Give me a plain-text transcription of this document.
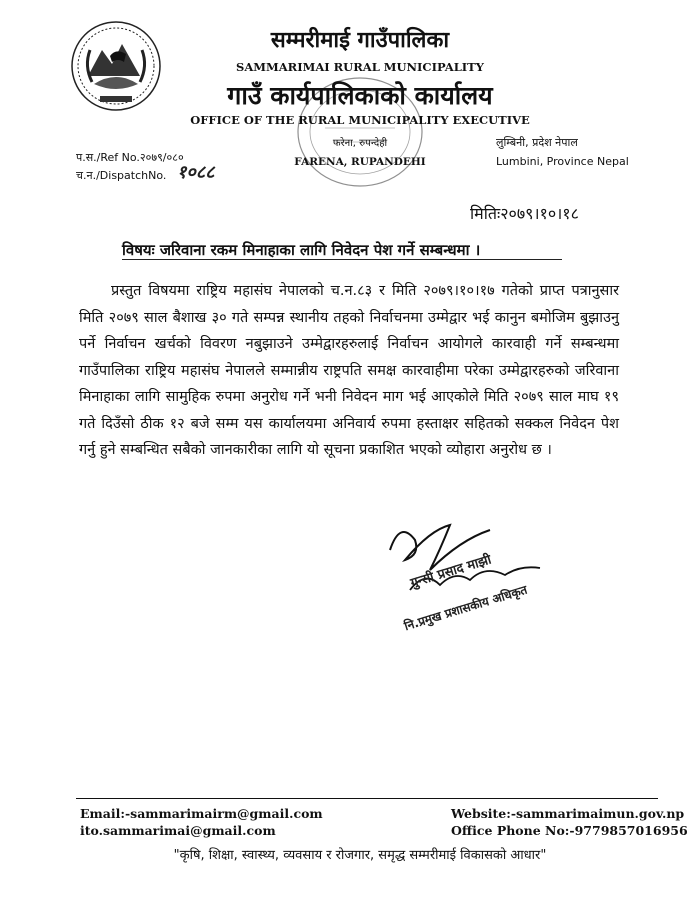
सम्मरीमाई गाउँपालिका
SAMMARIMAI RURAL MUNICIPALITY
गाउँ कार्यपालिकाको कार्यालय
OFFICE OF THE RURAL MUNICIPALITY EXECUTIVE
फरेना, रुपन्देही
FARENA, RUPANDEHI
लुम्बिनी, प्रदेश नेपाल
Lumbini, Province Nepal
प.स./Ref No.२०७९/०८०
च.न./DispatchNo. १०८८
मितिः२०७९।१०।१८
विषयः जरिवाना रकम मिनाहाका लागि निवेदन पेश गर्ने सम्बन्धमा ।
प्रस्तुत विषयमा राष्ट्रिय महासंघ नेपालको च.न.८३ र मिति २०७९।१०।१७ गतेको प्राप्त पत्रानुसार मिति २०७९ साल बैशाख ३० गते सम्पन्न स्थानीय तहको निर्वाचनमा उम्मेद्वार भई कानुन बमोजिम बुझाउनु पर्ने निर्वाचन खर्चको विवरण नबुझाउने उम्मेद्वारहरुलाई निर्वाचन आयोगले कारवाही गर्ने सम्बन्धमा गाउँपालिका राष्ट्रिय महासंघ नेपालले सम्मान्नीय राष्ट्रपति समक्ष कारवाहीमा परेका उम्मेद्वारहरुको जरिवाना मिनाहाका लागि सामुहिक रुपमा अनुरोध गर्ने भनी निवेदन माग भई आएकोले मिति २०७९ साल माघ १९ गते दिउँसो ठीक १२ बजे सम्म यस कार्यालयमा अनिवार्य रुपमा हस्ताक्षर सहितको सक्कल निवेदन पेश गर्नु हुने सम्बन्धित सबैको जानकारीका लागि यो सूचना प्रकाशित भएको व्योहारा अनुरोध छ ।
गुन्सी प्रसाद माझी
नि.प्रमुख प्रशासकीय अधिकृत
Email:-sammarimairm@gmail.com
ito.sammarimai@gmail.com
Website:-sammarimaimun.gov.np
Office Phone No:-9779857016956
"कृषि, शिक्षा, स्वास्थ्य, व्यवसाय र रोजगार, समृद्ध सम्मरीमाई विकासको आधार"
